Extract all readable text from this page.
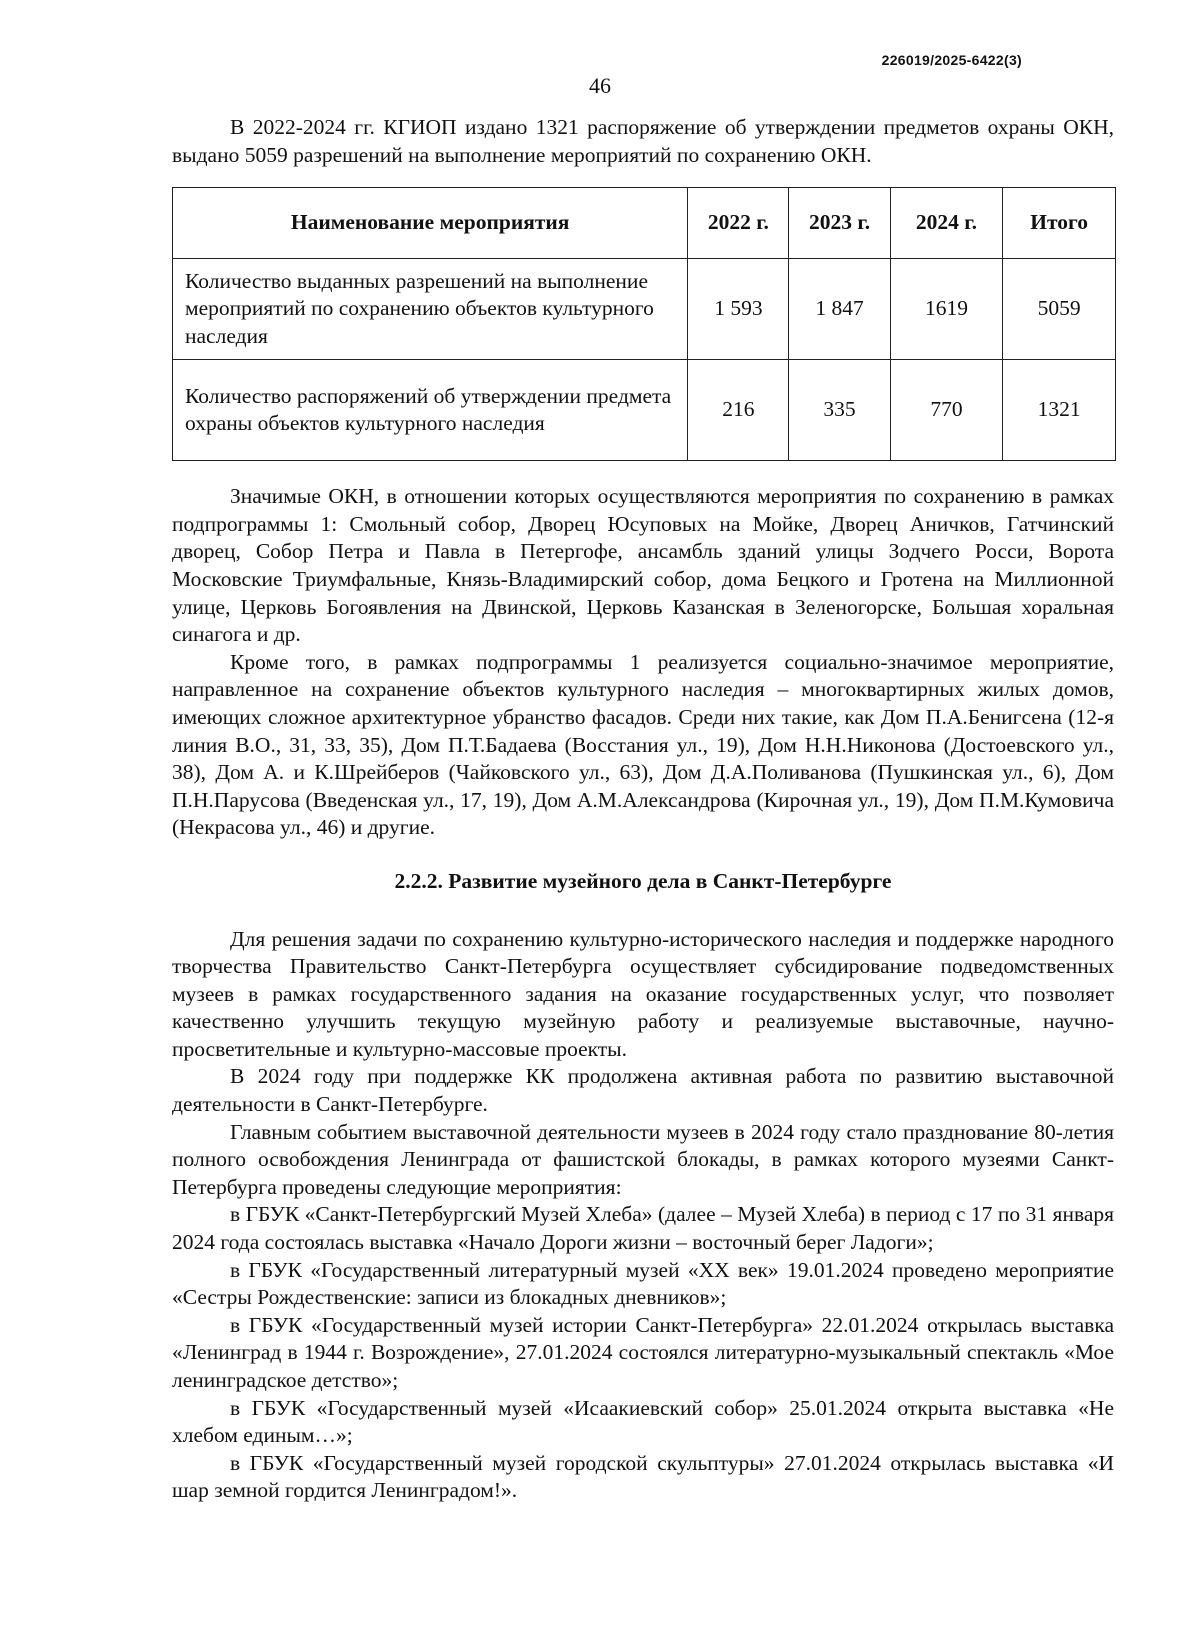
226019/2025-6422(3)
46

В 2022-2024 гг. КГИОП издано 1321 распоряжение об утверждении предметов охраны ОКН, выдано 5059 разрешений на выполнение мероприятий по сохранению ОКН.

Наименование мероприятия	2022 г.	2023 г.	2024 г.	Итого
Количество выданных разрешений на выполнение мероприятий по сохранению объектов культурного наследия	1 593	1 847	1619	5059
Количество распоряжений об утверждении предмета охраны объектов культурного наследия	216	335	770	1321

Значимые ОКН, в отношении которых осуществляются мероприятия по сохранению в рамках подпрограммы 1: Смольный собор, Дворец Юсуповых на Мойке, Дворец Аничков, Гатчинский дворец, Собор Петра и Павла в Петергофе, ансамбль зданий улицы Зодчего Росси, Ворота Московские Триумфальные, Князь-Владимирский собор, дома Бецкого и Гротена на Миллионной улице, Церковь Богоявления на Двинской, Церковь Казанская в Зеленогорске, Большая хоральная синагога и др.

Кроме того, в рамках подпрограммы 1 реализуется социально-значимое мероприятие, направленное на сохранение объектов культурного наследия – многоквартирных жилых домов, имеющих сложное архитектурное убранство фасадов. Среди них такие, как Дом П.А.Бенигсена (12-я линия В.О., 31, 33, 35), Дом П.Т.Бадаева (Восстания ул., 19), Дом Н.Н.Никонова (Достоевского ул., 38), Дом А. и К.Шрейберов (Чайковского ул., 63), Дом Д.А.Поливанова (Пушкинская ул., 6), Дом П.Н.Парусова (Введенская ул., 17, 19), Дом А.М.Александрова (Кирочная ул., 19), Дом П.М.Кумовича (Некрасова ул., 46) и другие.

2.2.2. Развитие музейного дела в Санкт-Петербурге

Для решения задачи по сохранению культурно-исторического наследия и поддержке народного творчества Правительство Санкт-Петербурга осуществляет субсидирование подведомственных музеев в рамках государственного задания на оказание государственных услуг, что позволяет качественно улучшить текущую музейную работу и реализуемые выставочные, научно-просветительные и культурно-массовые проекты.

В 2024 году при поддержке КК продолжена активная работа по развитию выставочной деятельности в Санкт-Петербурге.

Главным событием выставочной деятельности музеев в 2024 году стало празднование 80-летия полного освобождения Ленинграда от фашистской блокады, в рамках которого музеями Санкт-Петербурга проведены следующие мероприятия:

в ГБУК «Санкт-Петербургский Музей Хлеба» (далее – Музей Хлеба) в период с 17 по 31 января 2024 года состоялась выставка «Начало Дороги жизни – восточный берег Ладоги»;

в ГБУК «Государственный литературный музей «XX век» 19.01.2024 проведено мероприятие «Сестры Рождественские: записи из блокадных дневников»;

в ГБУК «Государственный музей истории Санкт-Петербурга» 22.01.2024 открылась выставка «Ленинград в 1944 г. Возрождение», 27.01.2024 состоялся литературно-музыкальный спектакль «Мое ленинградское детство»;

в ГБУК «Государственный музей «Исаакиевский собор» 25.01.2024 открыта выставка «Не хлебом единым…»;

в ГБУК «Государственный музей городской скульптуры» 27.01.2024 открылась выставка «И шар земной гордится Ленинградом!».
